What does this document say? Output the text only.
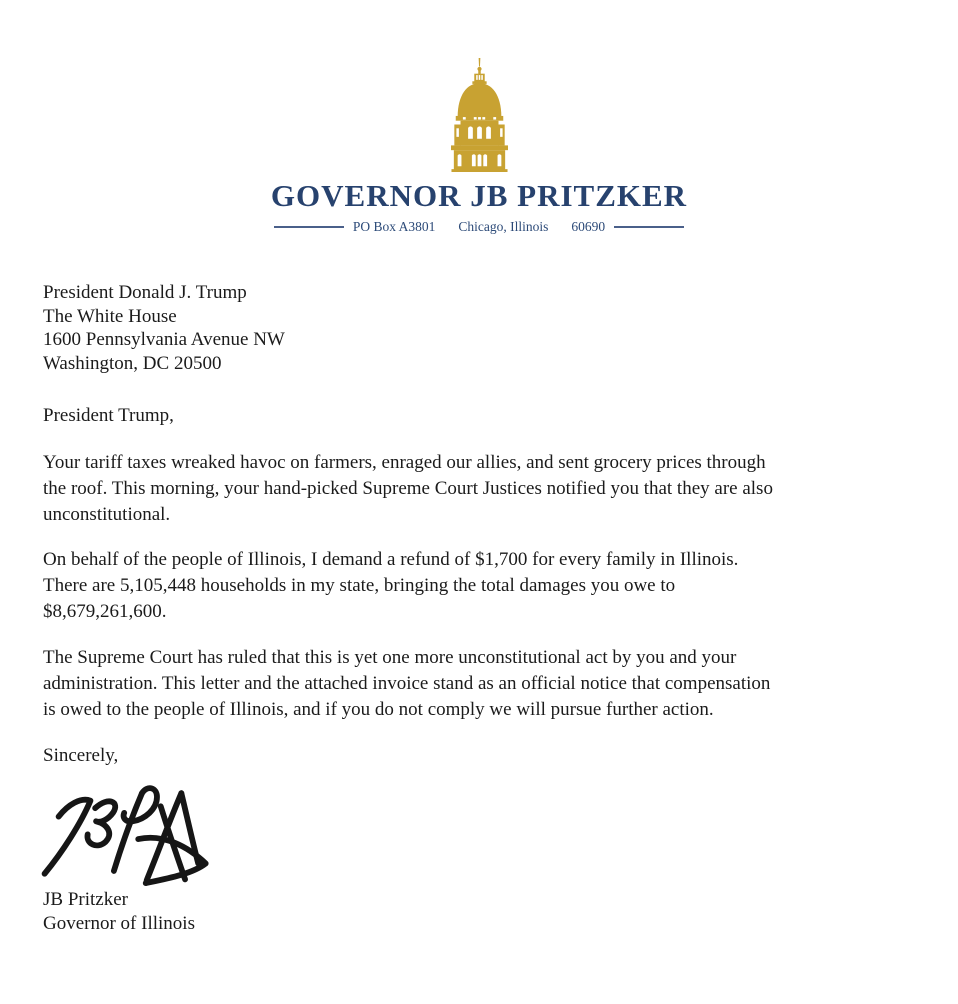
GOVERNOR JB PRITZKER
PO Box A3801 Chicago, Illinois 60690
President Donald J. Trump
The White House
1600 Pennsylvania Avenue NW
Washington, DC 20500
President Trump,
Your tariff taxes wreaked havoc on farmers, enraged our allies, and sent grocery prices through
the roof. This morning, your hand-picked Supreme Court Justices notified you that they are also
unconstitutional.
On behalf of the people of Illinois, I demand a refund of $1,700 for every family in Illinois.
There are 5,105,448 households in my state, bringing the total damages you owe to
$8,679,261,600.
The Supreme Court has ruled that this is yet one more unconstitutional act by you and your
administration. This letter and the attached invoice stand as an official notice that compensation
is owed to the people of Illinois, and if you do not comply we will pursue further action.
Sincerely,
JB Pritzker
Governor of Illinois
